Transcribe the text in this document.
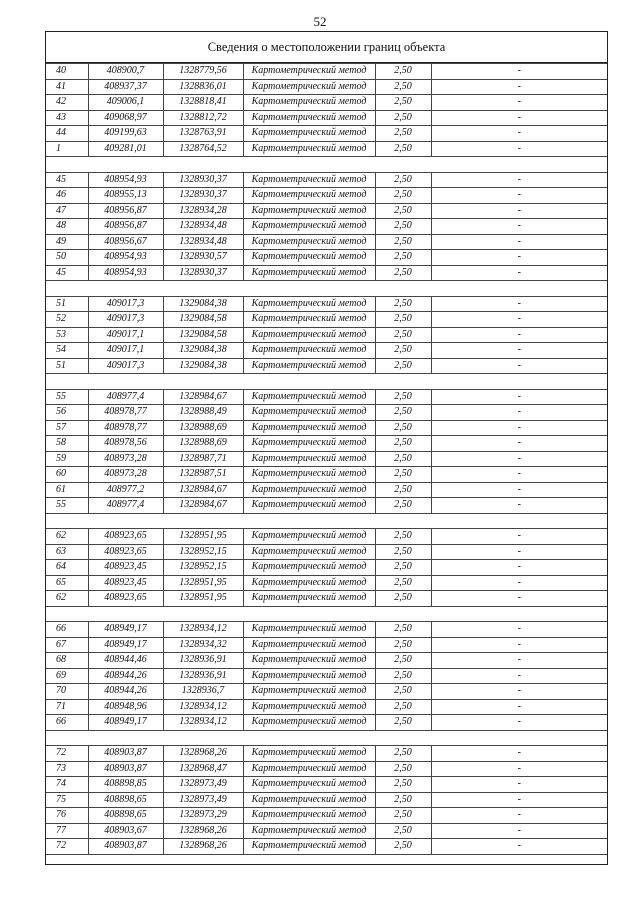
52
Сведения о местоположении границ объекта
40	408900,7	1328779,56	Картометрический метод	2,50	-
41	408937,37	1328836,01	Картометрический метод	2,50	-
42	409006,1	1328818,41	Картометрический метод	2,50	-
43	409068,97	1328812,72	Картометрический метод	2,50	-
44	409199,63	1328763,91	Картометрический метод	2,50	-
1	409281,01	1328764,52	Картометрический метод	2,50	-

45	408954,93	1328930,37	Картометрический метод	2,50	-
46	408955,13	1328930,37	Картометрический метод	2,50	-
47	408956,87	1328934,28	Картометрический метод	2,50	-
48	408956,87	1328934,48	Картометрический метод	2,50	-
49	408956,67	1328934,48	Картометрический метод	2,50	-
50	408954,93	1328930,57	Картометрический метод	2,50	-
45	408954,93	1328930,37	Картометрический метод	2,50	-

51	409017,3	1329084,38	Картометрический метод	2,50	-
52	409017,3	1329084,58	Картометрический метод	2,50	-
53	409017,1	1329084,58	Картометрический метод	2,50	-
54	409017,1	1329084,38	Картометрический метод	2,50	-
51	409017,3	1329084,38	Картометрический метод	2,50	-

55	408977,4	1328984,67	Картометрический метод	2,50	-
56	408978,77	1328988,49	Картометрический метод	2,50	-
57	408978,77	1328988,69	Картометрический метод	2,50	-
58	408978,56	1328988,69	Картометрический метод	2,50	-
59	408973,28	1328987,71	Картометрический метод	2,50	-
60	408973,28	1328987,51	Картометрический метод	2,50	-
61	408977,2	1328984,67	Картометрический метод	2,50	-
55	408977,4	1328984,67	Картометрический метод	2,50	-

62	408923,65	1328951,95	Картометрический метод	2,50	-
63	408923,65	1328952,15	Картометрический метод	2,50	-
64	408923,45	1328952,15	Картометрический метод	2,50	-
65	408923,45	1328951,95	Картометрический метод	2,50	-
62	408923,65	1328951,95	Картометрический метод	2,50	-

66	408949,17	1328934,12	Картометрический метод	2,50	-
67	408949,17	1328934,32	Картометрический метод	2,50	-
68	408944,46	1328936,91	Картометрический метод	2,50	-
69	408944,26	1328936,91	Картометрический метод	2,50	-
70	408944,26	1328936,7	Картометрический метод	2,50	-
71	408948,96	1328934,12	Картометрический метод	2,50	-
66	408949,17	1328934,12	Картометрический метод	2,50	-

72	408903,87	1328968,26	Картометрический метод	2,50	-
73	408903,87	1328968,47	Картометрический метод	2,50	-
74	408898,85	1328973,49	Картометрический метод	2,50	-
75	408898,65	1328973,49	Картометрический метод	2,50	-
76	408898,65	1328973,29	Картометрический метод	2,50	-
77	408903,67	1328968,26	Картометрический метод	2,50	-
72	408903,87	1328968,26	Картометрический метод	2,50	-
